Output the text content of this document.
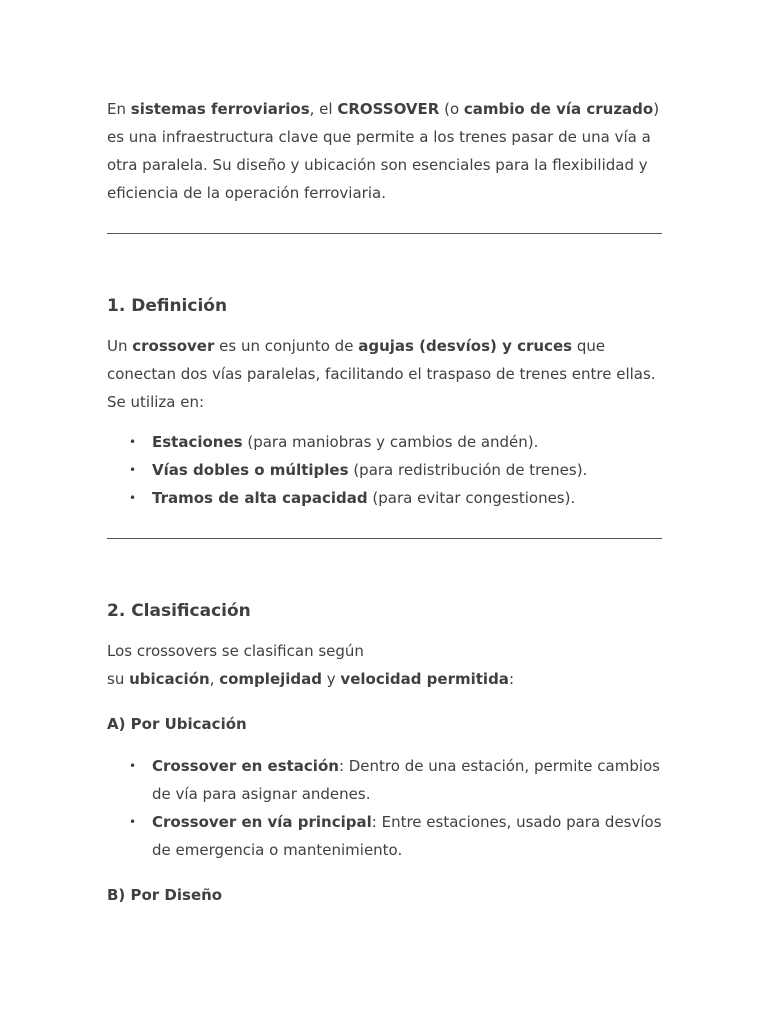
En sistemas ferroviarios, el CROSSOVER (o cambio de vía cruzado) es una infraestructura clave que permite a los trenes pasar de una vía a otra paralela. Su diseño y ubicación son esenciales para la flexibilidad y eficiencia de la operación ferroviaria.

1. Definición

Un crossover es un conjunto de agujas (desvíos) y cruces que conectan dos vías paralelas, facilitando el traspaso de trenes entre ellas. Se utiliza en:

• Estaciones (para maniobras y cambios de andén).
• Vías dobles o múltiples (para redistribución de trenes).
• Tramos de alta capacidad (para evitar congestiones).
2. Clasificación

Los crossovers se clasifican según
su ubicación, complejidad y velocidad permitida:

A) Por Ubicación
• Crossover en estación: Dentro de una estación, permite cambios de vía para asignar andenes.
• Crossover en vía principal: Entre estaciones, usado para desvíos de emergencia o mantenimiento.
B) Por Diseño
